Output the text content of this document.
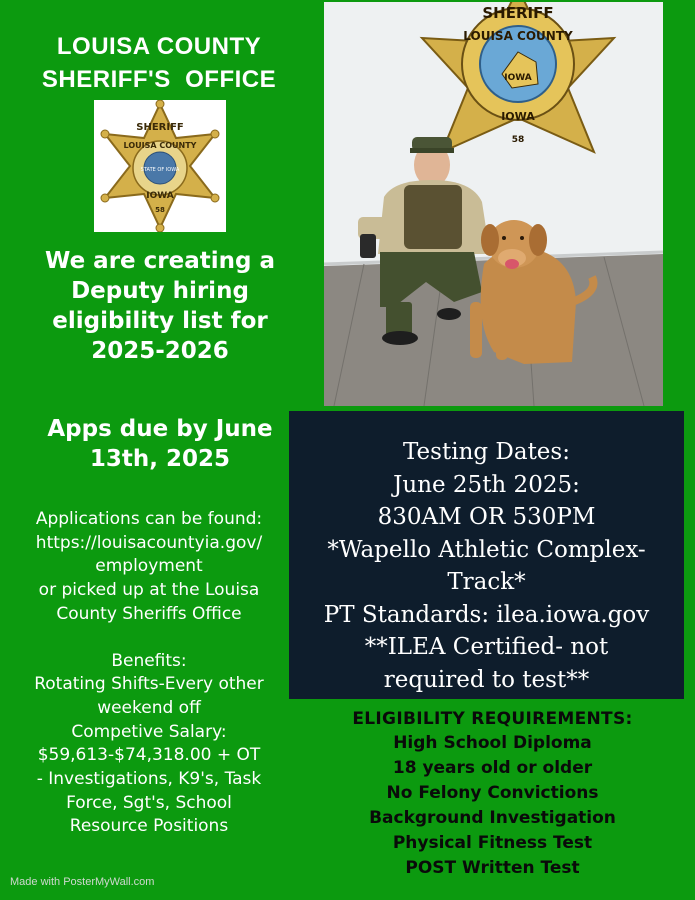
LOUISA COUNTY
SHERIFF'S  OFFICE
STATE OF IOWA
SHERIFF
LOUISA COUNTY
IOWA
58
IOWA
SHERIFF
LOUISA COUNTY
IOWA
58
We are creating a
Deputy hiring
eligibility list for
2025-2026
Apps due by June
13th, 2025
Applications can be found:
https://louisacountyia.gov/
employment
or picked up at the Louisa
County Sheriffs Office
Benefits:
Rotating Shifts-Every other
weekend off
Competive Salary:
$59,613-$74,318.00 + OT
- Investigations, K9's, Task
Force, Sgt's, School
Resource Positions
Testing Dates:
June 25th 2025:
830AM OR 530PM
*Wapello Athletic Complex-
Track*
PT Standards: ilea.iowa.gov
**ILEA Certified- not
required to test**
ELIGIBILITY REQUIREMENTS:
High School Diploma
18 years old or older
No Felony Convictions
Background Investigation
Physical Fitness Test
POST Written Test
Made with PosterMyWall.com
